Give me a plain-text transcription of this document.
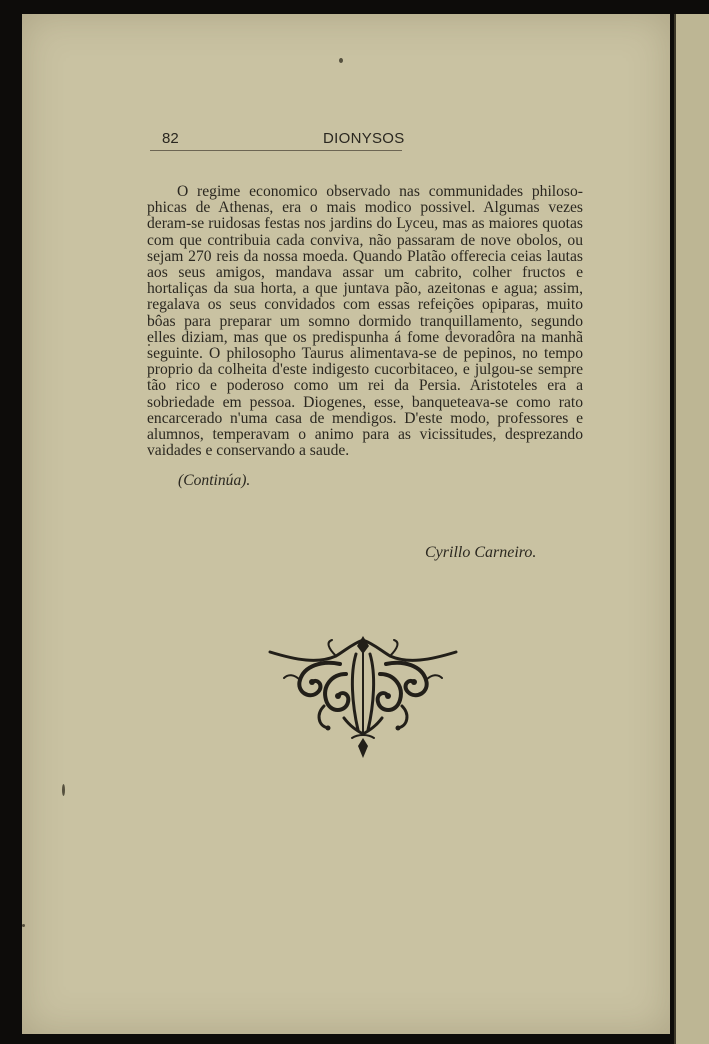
82	DIONYSOS

O regime economico observado nas communidades philosophicas de Athenas, era o mais modico possivel. Algumas vezes deram-se ruidosas festas nos jardins do Lyceu, mas as maiores quotas com que contribuia cada conviva, não passaram de nove obolos, ou sejam 270 reis da nossa moeda. Quando Platão offerecia ceias lautas aos seus amigos, mandava assar um cabrito, colher fructos e hortaliças da sua horta, a que juntava pão, azeitonas e agua; assim, regalava os seus convidados com essas refeições opiparas, muito bôas para preparar um somno dormido tranquillamento, segundo elles diziam, mas que os predispunha á fome devoradôra na manhã seguinte. O philosopho Taurus alimentava-se de pepinos, no tempo proprio da colheita d'este indigesto cucorbitaceo, e julgou-se sempre tão rico e poderoso como um rei da Persia. Aristoteles era a sobriedade em pessoa. Diogenes, esse, banqueteava-se como rato encarcerado n'uma casa de mendigos. D'este modo, professores e alumnos, temperavam o animo para as vicissitudes, desprezando vaidades e conservando a saude.

(Continúa).
Cyrillo Carneiro.
